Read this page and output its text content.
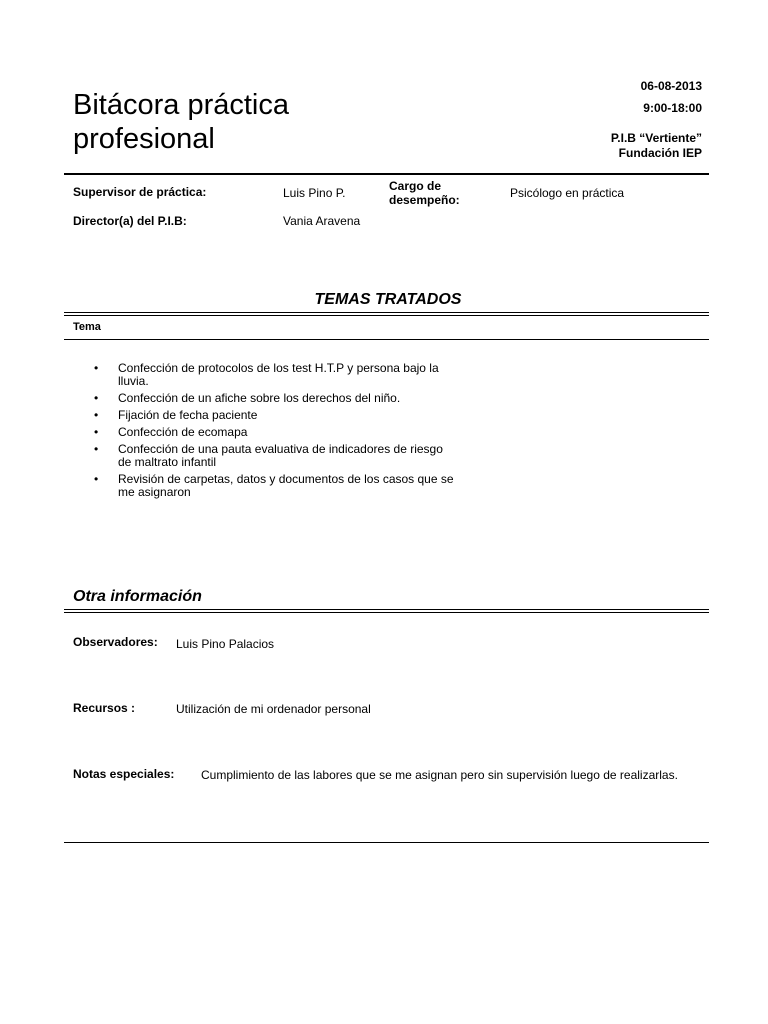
Bitácora práctica
profesional
06-08-2013
9:00-18:00
P.I.B “Vertiente”
Fundación IEP
Supervisor de práctica:	Luis Pino P.	Cargo de
desempeño:	Psicólogo en práctica
Director(a) del P.I.B:	Vania Aravena
TEMAS TRATADOS
Tema
•	Confección de protocolos de los test H.T.P y persona bajo la
lluvia.
•	Confección de un afiche sobre los derechos del niño.
•	Fijación de fecha paciente
•	Confección de ecomapa
•	Confección de una pauta evaluativa de indicadores de riesgo
de maltrato infantil
•	Revisión de carpetas, datos y documentos de los casos que se
me asignaron
Otra información
Observadores: Luis Pino Palacios
Recursos :	Utilización de mi ordenador personal
Notas especiales: Cumplimiento de las labores que se me asignan pero sin supervisión luego de realizarlas.
